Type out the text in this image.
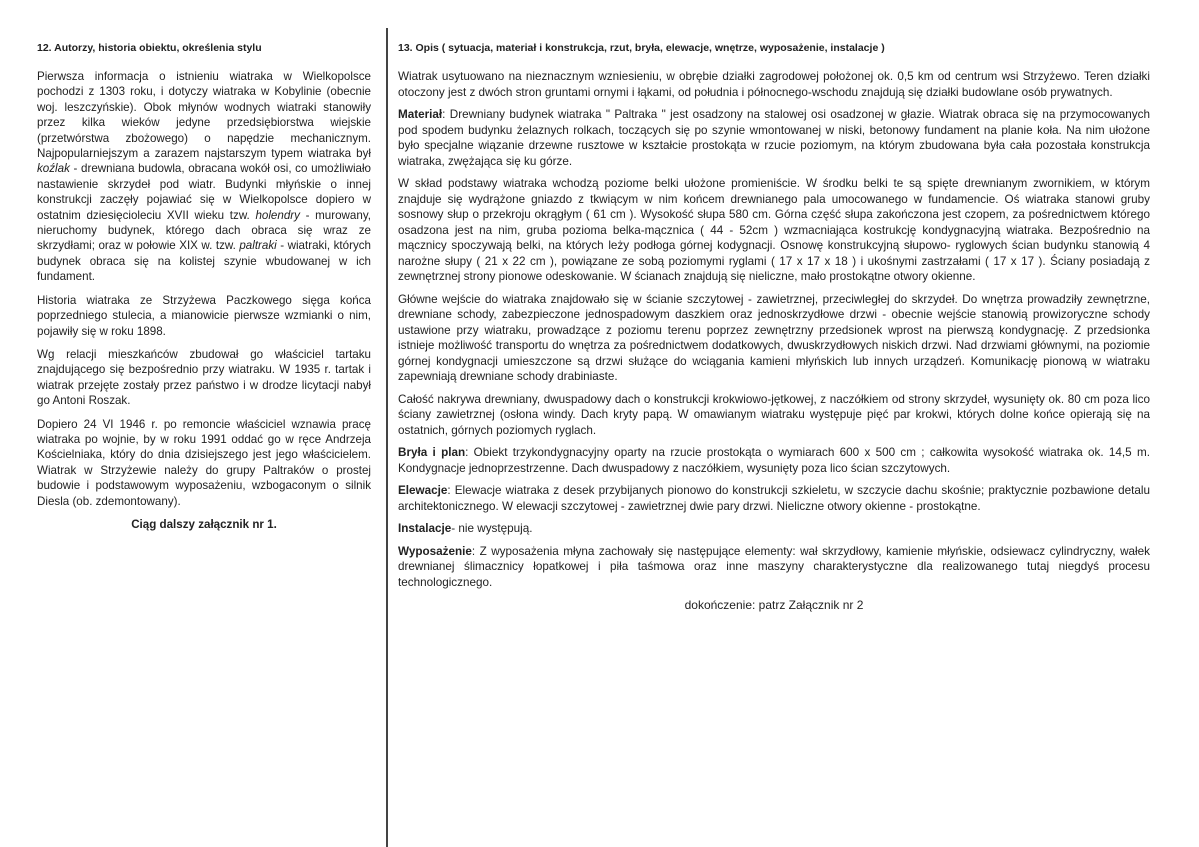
12. Autorzy, historia obiektu, określenia stylu

Pierwsza informacja o istnieniu wiatraka w Wielkopolsce pochodzi z 1303 roku, i dotyczy wiatraka w Kobylinie (obecnie woj. leszczyńskie). Obok młynów wodnych wiatraki stanowiły przez kilka wieków jedyne przedsiębiorstwa wiejskie (przetwórstwa zbożowego) o napędzie mechanicznym. Najpopularniejszym a zarazem najstarszym typem wiatraka był koźlak - drewniana budowla, obracana wokół osi, co umożliwiało nastawienie skrzydeł pod wiatr. Budynki młyńskie o innej konstrukcji zaczęły pojawiać się w Wielkopolsce dopiero w ostatnim dziesięcioleciu XVII wieku tzw. holendry - murowany, nieruchomy budynek, którego dach obraca się wraz ze skrzydłami; oraz w połowie XIX w. tzw. paltraki - wiatraki, których budynek obraca się na kolistej szynie wbudowanej w ich fundament.

Historia wiatraka ze Strzyżewa Paczkowego sięga końca poprzedniego stulecia, a mianowicie pierwsze wzmianki o nim, pojawiły się w roku 1898.

Wg relacji mieszkańców zbudował go właściciel tartaku znajdującego się bezpośrednio przy wiatraku. W 1935 r. tartak i wiatrak przejęte zostały przez państwo i w drodze licytacji nabył go Antoni Roszak.

Dopiero 24 VI 1946 r. po remoncie właściciel wznawia pracę wiatraka po wojnie, by w roku 1991 oddać go w ręce Andrzeja Kościelniaka, który do dnia dzisiejszego jest jego właścicielem. Wiatrak w Strzyżewie należy do grupy Paltraków o prostej budowie i podstawowym wyposażeniu, wzbogaconym o silnik Diesla (ob. zdemontowany).

Ciąg dalszy załącznik nr 1.
13. Opis ( sytuacja, materiał i konstrukcja, rzut, bryła, elewacje, wnętrze, wyposażenie, instalacje )

Wiatrak usytuowano na nieznacznym wzniesieniu, w obrębie działki zagrodowej położonej ok. 0,5 km od centrum wsi Strzyżewo. Teren działki otoczony jest z dwóch stron gruntami ornymi i łąkami, od południa i północnego-wschodu znajdują się działki budowlane osób prywatnych.

Materiał: Drewniany budynek wiatraka " Paltraka " jest osadzony na stalowej osi osadzonej w głazie. Wiatrak obraca się na przymocowanych pod spodem budynku żelaznych rolkach, toczących się po szynie wmontowanej w niski, betonowy fundament na planie koła. Na nim ułożone było specjalne wiązanie drzewne rusztowe w kształcie prostokąta w rzucie poziomym, na którym zbudowana była cała pozostała konstrukcja wiatraka, zwężająca się ku górze.

W skład podstawy wiatraka wchodzą poziome belki ułożone promieniście. W środku belki te są spięte drewnianym zwornikiem, w którym znajduje się wydrążone gniazdo z tkwiącym w nim końcem drewnianego pala umocowanego w fundamencie. Oś wiatraka stanowi gruby sosnowy słup o przekroju okrągłym ( 61 cm ). Wysokość słupa 580 cm. Górna część słupa zakończona jest czopem, za pośrednictwem którego osadzona jest na nim, gruba pozioma belka-mącznica ( 44 - 52cm ) wzmacniająca kostrukcję kondygnacyjną wiatraka. Bezpośrednio na mącznicy spoczywają belki, na których leży podłoga górnej kodygnacji. Osnowę konstrukcyjną słupowo- ryglowych ścian budynku stanowią 4 narożne słupy ( 21 x 22 cm ), powiązane ze sobą poziomymi ryglami ( 17 x 17 x 18 ) i ukośnymi zastrzałami ( 17 x 17 ). Ściany posiadają z zewnętrznej strony pionowe odeskowanie. W ścianach znajdują się nieliczne, mało prostokątne otwory okienne.

Główne wejście do wiatraka znajdowało się w ścianie szczytowej - zawietrznej, przeciwległej do skrzydeł. Do wnętrza prowadziły zewnętrzne, drewniane schody, zabezpieczone jednospadowym daszkiem oraz jednoskrzydłowe drzwi - obecnie wejście stanowią prowizoryczne schody ustawione przy wiatraku, prowadzące z poziomu terenu poprzez zewnętrzny przedsionek wprost na pierwszą kondygnację. Z przedsionka istnieje możliwość transportu do wnętrza za pośrednictwem dodatkowych, dwuskrzydłowych niskich drzwi. Nad drzwiami głównymi, na poziomie górnej kondygnacji umieszczone są drzwi służące do wciągania kamieni młyńskich lub innych urządzeń. Komunikację pionową w wiatraku zapewniają drewniane schody drabiniaste.

Całość nakrywa drewniany, dwuspadowy dach o konstrukcji krokwiowo-jętkowej, z naczółkiem od strony skrzydeł, wysunięty ok. 80 cm poza lico ściany zawietrznej (osłona windy. Dach kryty papą. W omawianym wiatraku występuje pięć par krokwi, których dolne końce opierają się na ostatnich, górnych poziomych ryglach.

Bryła i plan: Obiekt trzykondygnacyjny oparty na rzucie prostokąta o wymiarach 600 x 500 cm ; całkowita wysokość wiatraka ok. 14,5 m. Kondygnacje jednoprzestrzenne. Dach dwuspadowy z naczółkiem, wysunięty poza lico ścian szczytowych.

Elewacje: Elewacje wiatraka z desek przybijanych pionowo do konstrukcji szkieletu, w szczycie dachu skośnie; praktycznie pozbawione detalu architektonicznego. W elewacji szczytowej - zawietrznej dwie pary drzwi. Nieliczne otwory okienne - prostokątne.

Instalacje- nie występują.

Wyposażenie: Z wyposażenia młyna zachowały się następujące elementy: wał skrzydłowy, kamienie młyńskie, odsiewacz cylindryczny, wałek drewnianej ślimacznicy łopatkowej i piła taśmowa oraz inne maszyny charakterystyczne dla realizowanego tutaj niegdyś procesu technologicznego.

dokończenie: patrz Załącznik nr 2
